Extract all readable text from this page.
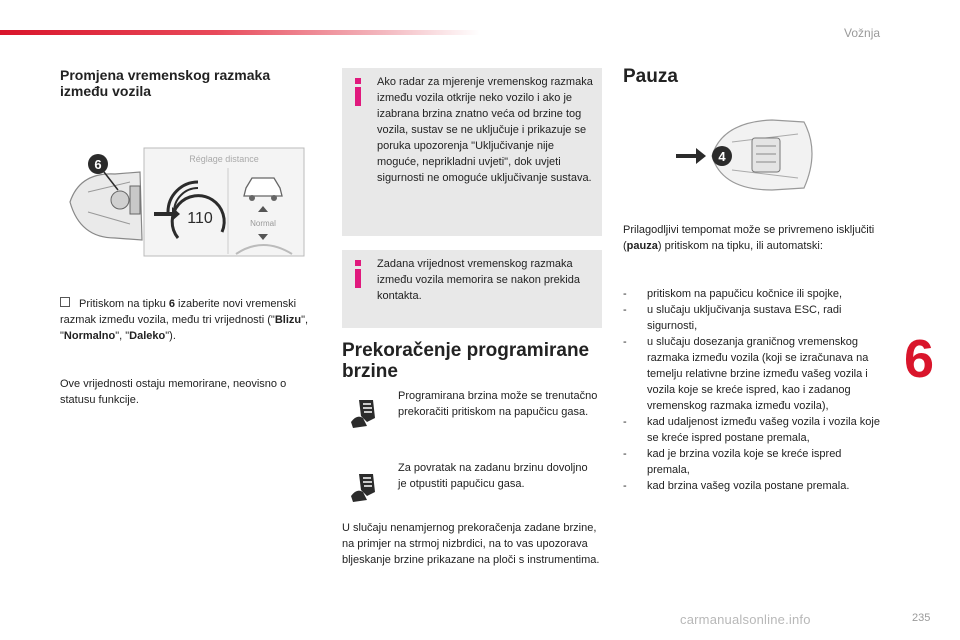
Vožnja
6
235
carmanualsonline.info
Promjena vremenskog razmaka između vozila
6	Réglage distance
110	Normal
Pritiskom na tipku 6 izaberite novi vremenski razmak između vozila, među tri vrijednosti ("Blizu", "Normalno", "Daleko").
Ove vrijednosti ostaju memorirane, neovisno o statusu funkcije.
Ako radar za mjerenje vremenskog razmaka između vozila otkrije neko vozilo i ako je izabrana brzina znatno veća od brzine tog vozila, sustav se ne uključuje i prikazuje se poruka upozorenja "Uključivanje nije moguće, neprikladni uvjeti", dok uvjeti sigurnosti ne omogućе uključivanje sustava.
Zadana vrijednost vremenskog razmaka između vozila memorira se nakon prekida kontakta.
Prekoračenje programirane brzine
Programirana brzina može se trenutačno prekoračiti pritiskom na papučicu gasa.
Za povratak na zadanu brzinu dovoljno je otpustiti papučicu gasa.
U slučaju nenamjernog prekoračenja zadane brzine, na primjer na strmoj nizbrdici, na to vas upozorava bljeskanje brzine prikazane na ploči s instrumentima.
Pauza
4
Prilagodljivi tempomat može se privremeno isključiti (pauza) pritiskom na tipku, ili automatski:
- pritiskom na papučicu kočnice ili spojke,
- u slučaju uključivanja sustava ESC, radi sigurnosti,
- u slučaju dosezanja graničnog vremenskog razmaka između vozila (koji se izračunava na temelju relativne brzine između vašeg vozila i vozila koje se kreće ispred, kao i zadanog vremenskog razmaka između vozila),
- kad udaljenost između vašeg vozila i vozila koje se kreće ispred postane premala,
- kad je brzina vozila koje se kreće ispred premala,
- kad brzina vašeg vozila postane premala.
